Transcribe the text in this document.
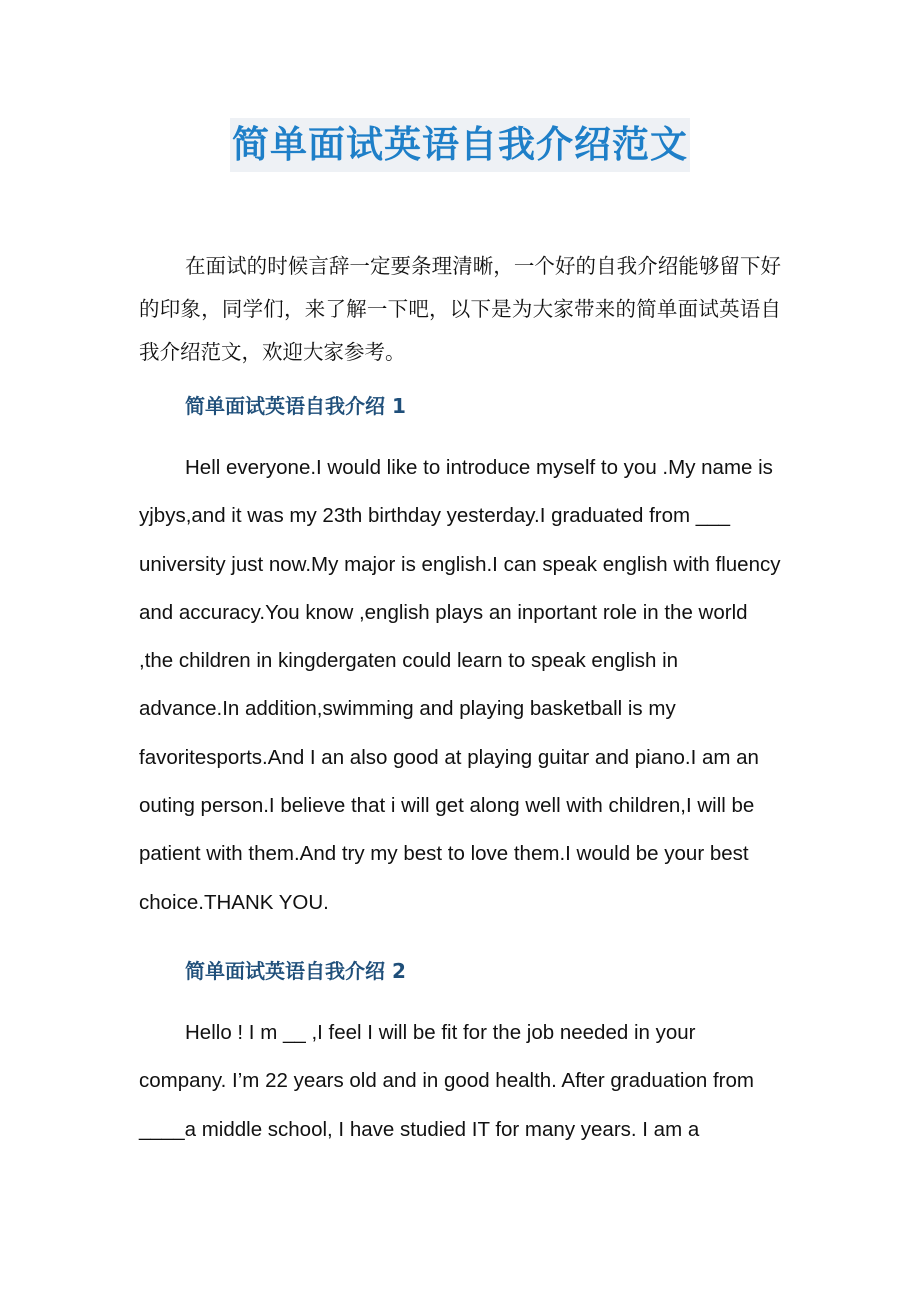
简单面试英语自我介绍范文

在面试的时候言辞一定要条理清晰，一个好的自我介绍能够留下好的印象，同学们，来了解一下吧，以下是为大家带来的简单面试英语自我介绍范文，欢迎大家参考。

简单面试英语自我介绍 1

Hell everyone.I would like to introduce myself to you .My name is yjbys,and it was my 23th birthday yesterday.I graduated from ___ university just now.My major is english.I can speak english with fluency and accuracy.You know ,english plays an inportant role in the world ,the children in kingdergaten could learn to speak english in advance.In addition,swimming and playing basketball is my favoritesports.And I an also good at playing guitar and piano.I am an outing person.I believe that i will get along well with children,I will be patient with them.And try my best to love them.I would be your best choice.THANK YOU.

简单面试英语自我介绍 2

Hello ! I m __ ,I feel I will be fit for the job needed in your company. I’m 22 years old and in good health. After graduation from ____a middle school, I have studied IT for many years. I am a
